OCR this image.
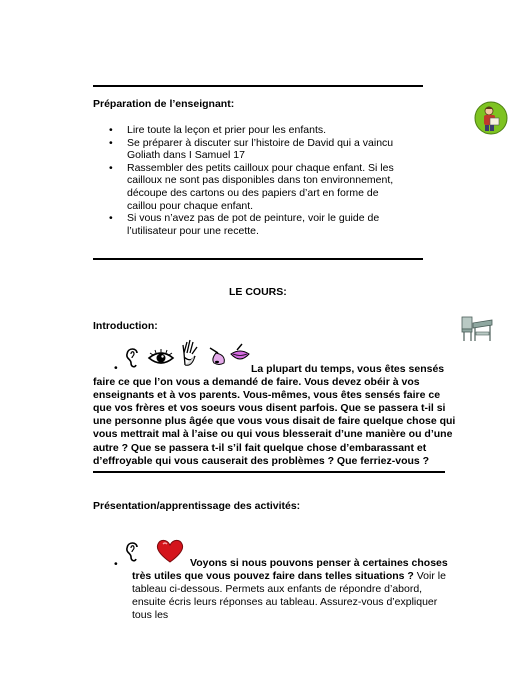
Préparation de l’enseignant:
• Lire toute la leçon et prier pour les enfants.
• Se préparer à discuter sur l’histoire de David qui a vaincu Goliath dans I Samuel 17
• Rassembler des petits cailloux pour chaque enfant. Si les cailloux ne sont pas disponibles dans ton environnement, découpe des cartons ou des papiers d’art en forme de caillou pour chaque enfant.
• Si vous n’avez pas de pot de peinture, voir le guide de l’utilisateur pour une recette.
LE COURS:
Introduction:
•	La plupart du temps, vous êtes sensés faire ce que l’on vous a demandé de faire. Vous devez obéir à vos enseignants et à vos parents. Vous-mêmes, vous êtes sensés faire ce que vos frères et vos soeurs vous disent parfois. Que se passera t-il si une personne plus âgée que vous vous disait de faire quelque chose qui vous mettrait mal à l’aise ou qui vous blesserait d’une manière ou d’une autre ? Que se passera t-il s’il fait quelque chose d’embarassant et d’effroyable qui vous causerait des problèmes ? Que ferriez-vous ?
Présentation/apprentissage des activités:
•	Voyons si nous pouvons penser à certaines choses très utiles que vous pouvez faire dans telles situations ? Voir le tableau ci-dessous. Permets aux enfants de répondre d’abord, ensuite écris leurs réponses au tableau. Assurez-vous d’expliquer tous les
